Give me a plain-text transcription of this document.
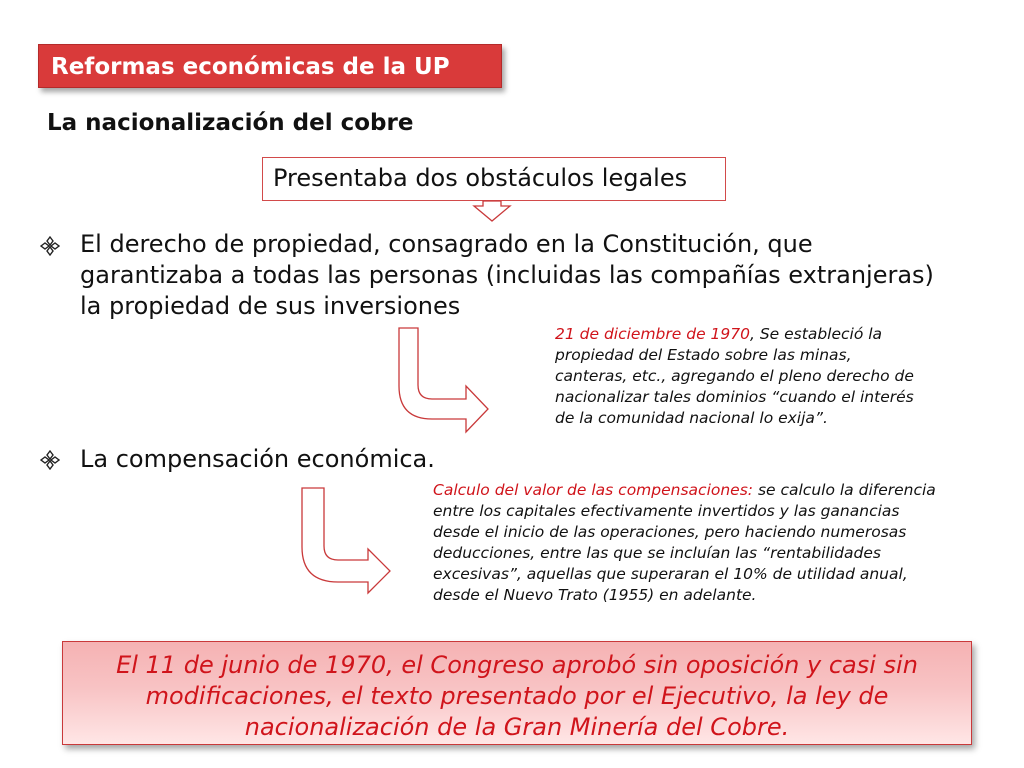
Reformas económicas de la UP
La nacionalización del cobre
Presentaba dos obstáculos legales
El derecho de propiedad, consagrado en la Constitución, que
garantizaba a todas las personas (incluidas las compañías extranjeras)
la propiedad de sus inversiones
21 de diciembre de 1970, Se estableció la
propiedad del Estado sobre las minas,
canteras, etc., agregando el pleno derecho de
nacionalizar tales dominios “cuando el interés
de la comunidad nacional lo exija”.
La compensación económica.
Calculo del valor de las compensaciones: se calculo la diferencia
entre los capitales efectivamente invertidos y las ganancias
desde el inicio de las operaciones, pero haciendo numerosas
deducciones, entre las que se incluían las “rentabilidades
excesivas”, aquellas que superaran el 10% de utilidad anual,
desde el Nuevo Trato (1955) en adelante.
El 11 de junio de 1970, el Congreso aprobó sin oposición y casi sin
modificaciones, el texto presentado por el Ejecutivo, la ley de
nacionalización de la Gran Minería del Cobre.
